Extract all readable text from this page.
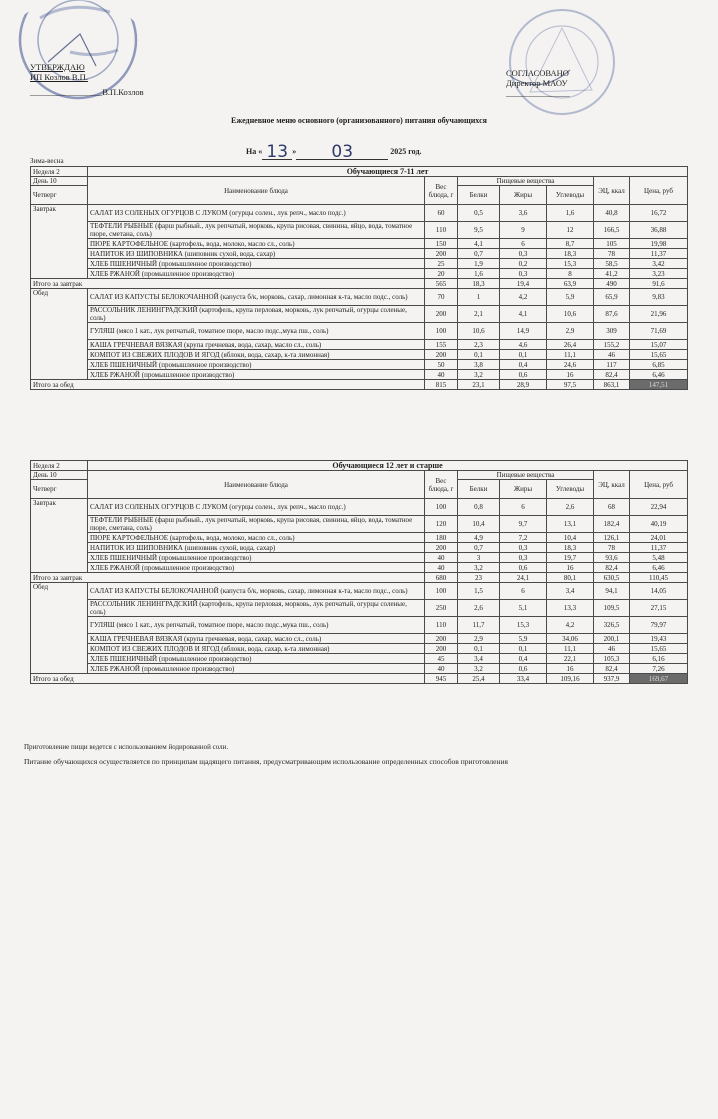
УТВЕРЖДАЮ
ИП Козлов В.П.
_________________В.П.Козлов
СОГЛАСОВАНО
Директор МАОУ
_______________
Ежедневное меню основного (организованного) питания обучающихся
На « 13 » 03	2025 год.
Зима-весна
Неделя 2	Обучающиеся 7-11 лет						
День 10	Наименование блюда	Вес блюда, г	Пищевые вещества			ЭЦ, ккал	Цена, руб
Четверг			Белки	Жиры	Углеводы		

Завтрак	САЛАТ ИЗ СОЛЕНЫХ ОГУРЦОВ С ЛУКОМ (огурцы солен., лук репч., масло подс.)	60	0,5	3,6	1,6	40,8	16,72
	ТЕФТЕЛИ РЫБНЫЕ (фарш рыбный., лук репчатый, морковь, крупа рисовая, свинина, яйцо, вода, томатное пюре, сметана, соль)	110	9,5	9	12	166,5	36,88
	ПЮРЕ КАРТОФЕЛЬНОЕ (картофель, вода, молоко, масло сл., соль)	150	4,1	6	8,7	105	19,98
	НАПИТОК ИЗ ШИПОВНИКА (шиповник сухой, вода, сахар)	200	0,7	0,3	18,3	78	11,37
	ХЛЕБ ПШЕНИЧНЫЙ (промышленное производство)	25	1,9	0,2	15,3	58,5	3,42
	ХЛЕБ РЖАНОЙ (промышленное производство)	20	1,6	0,3	8	41,2	3,23
Итого за завтрак		565	18,3	19,4	63,9	490	91,6
Обед	САЛАТ ИЗ КАПУСТЫ БЕЛОКОЧАННОЙ (капуста б/к, морковь, сахар, лимонная к-та, масло подс., соль)	70	1	4,2	5,9	65,9	9,83
	РАССОЛЬНИК ЛЕНИНГРАДСКИЙ (картофель, крупа перловая, морковь, лук репчатый, огурцы соленые, соль)	200	2,1	4,1	10,6	87,6	21,96
	ГУЛЯШ (мясо 1 кат., лук репчатый, томатное пюре, масло подс.,мука пш., соль)	100	10,6	14,9	2,9	309	71,69
	КАША ГРЕЧНЕВАЯ ВЯЗКАЯ (крупа гречневая, вода, сахар, масло сл., соль)	155	2,3	4,6	26,4	155,2	15,07
	КОМПОТ ИЗ СВЕЖИХ ПЛОДОВ И ЯГОД (яблоки, вода, сахар, к-та лимонная)	200	0,1	0,1	11,1	46	15,65
	ХЛЕБ ПШЕНИЧНЫЙ (промышленное производство)	50	3,8	0,4	24,6	117	6,85
	ХЛЕБ РЖАНОЙ (промышленное производство)	40	3,2	0,6	16	82,4	6,46
Итого за обед		815	23,1	28,9	97,5	863,1	147,51
Неделя 2	Обучающиеся 12 лет и старше						
День 10	Наименование блюда	Вес блюда, г	Пищевые вещества			ЭЦ, ккал	Цена, руб
Четверг			Белки	Жиры	Углеводы		

Завтрак	САЛАТ ИЗ СОЛЕНЫХ ОГУРЦОВ С ЛУКОМ (огурцы солен., лук репч., масло подс.)	100	0,8	6	2,6	68	22,94
	ТЕФТЕЛИ РЫБНЫЕ (фарш рыбный., лук репчатый, морковь, крупа рисовая, свинина, яйцо, вода, томатное пюре, сметана, соль)	120	10,4	9,7	13,1	182,4	40,19
	ПЮРЕ КАРТОФЕЛЬНОЕ (картофель, вода, молоко, масло сл., соль)	180	4,9	7,2	10,4	126,1	24,01
	НАПИТОК ИЗ ШИПОВНИКА (шиповник сухой, вода, сахар)	200	0,7	0,3	18,3	78	11,37
	ХЛЕБ ПШЕНИЧНЫЙ (промышленное производство)	40	3	0,3	19,7	93,6	5,48
	ХЛЕБ РЖАНОЙ (промышленное производство)	40	3,2	0,6	16	82,4	6,46
Итого за завтрак		680	23	24,1	80,1	630,5	110,45
Обед	САЛАТ ИЗ КАПУСТЫ БЕЛОКОЧАННОЙ (капуста б/к, морковь, сахар, лимонная к-та, масло подс., соль)	100	1,5	6	3,4	94,1	14,05
	РАССОЛЬНИК ЛЕНИНГРАДСКИЙ (картофель, крупа перловая, морковь, лук репчатый, огурцы соленые, соль)	250	2,6	5,1	13,3	109,5	27,15
	ГУЛЯШ (мясо 1 кат., лук репчатый, томатное пюре, масло подс.,мука пш., соль)	110	11,7	15,3	4,2	326,5	79,97
	КАША ГРЕЧНЕВАЯ ВЯЗКАЯ (крупа гречневая, вода, сахар, масло сл., соль)	200	2,9	5,9	34,06	200,1	19,43
	КОМПОТ ИЗ СВЕЖИХ ПЛОДОВ И ЯГОД (яблоки, вода, сахар, к-та лимонная)	200	0,1	0,1	11,1	46	15,65
	ХЛЕБ ПШЕНИЧНЫЙ (промышленное производство)	45	3,4	0,4	22,1	105,3	6,16
	ХЛЕБ РЖАНОЙ (промышленное производство)	40	3,2	0,6	16	82,4	7,26
Итого за обед		945	25,4	33,4	109,16	937,9	169,67
Приготовление пищи ведется с использованием йодированной соли.
Питание обучающихся осуществляется по принципам щадящего питания, предусматривающим использование определенных способов приготовления
